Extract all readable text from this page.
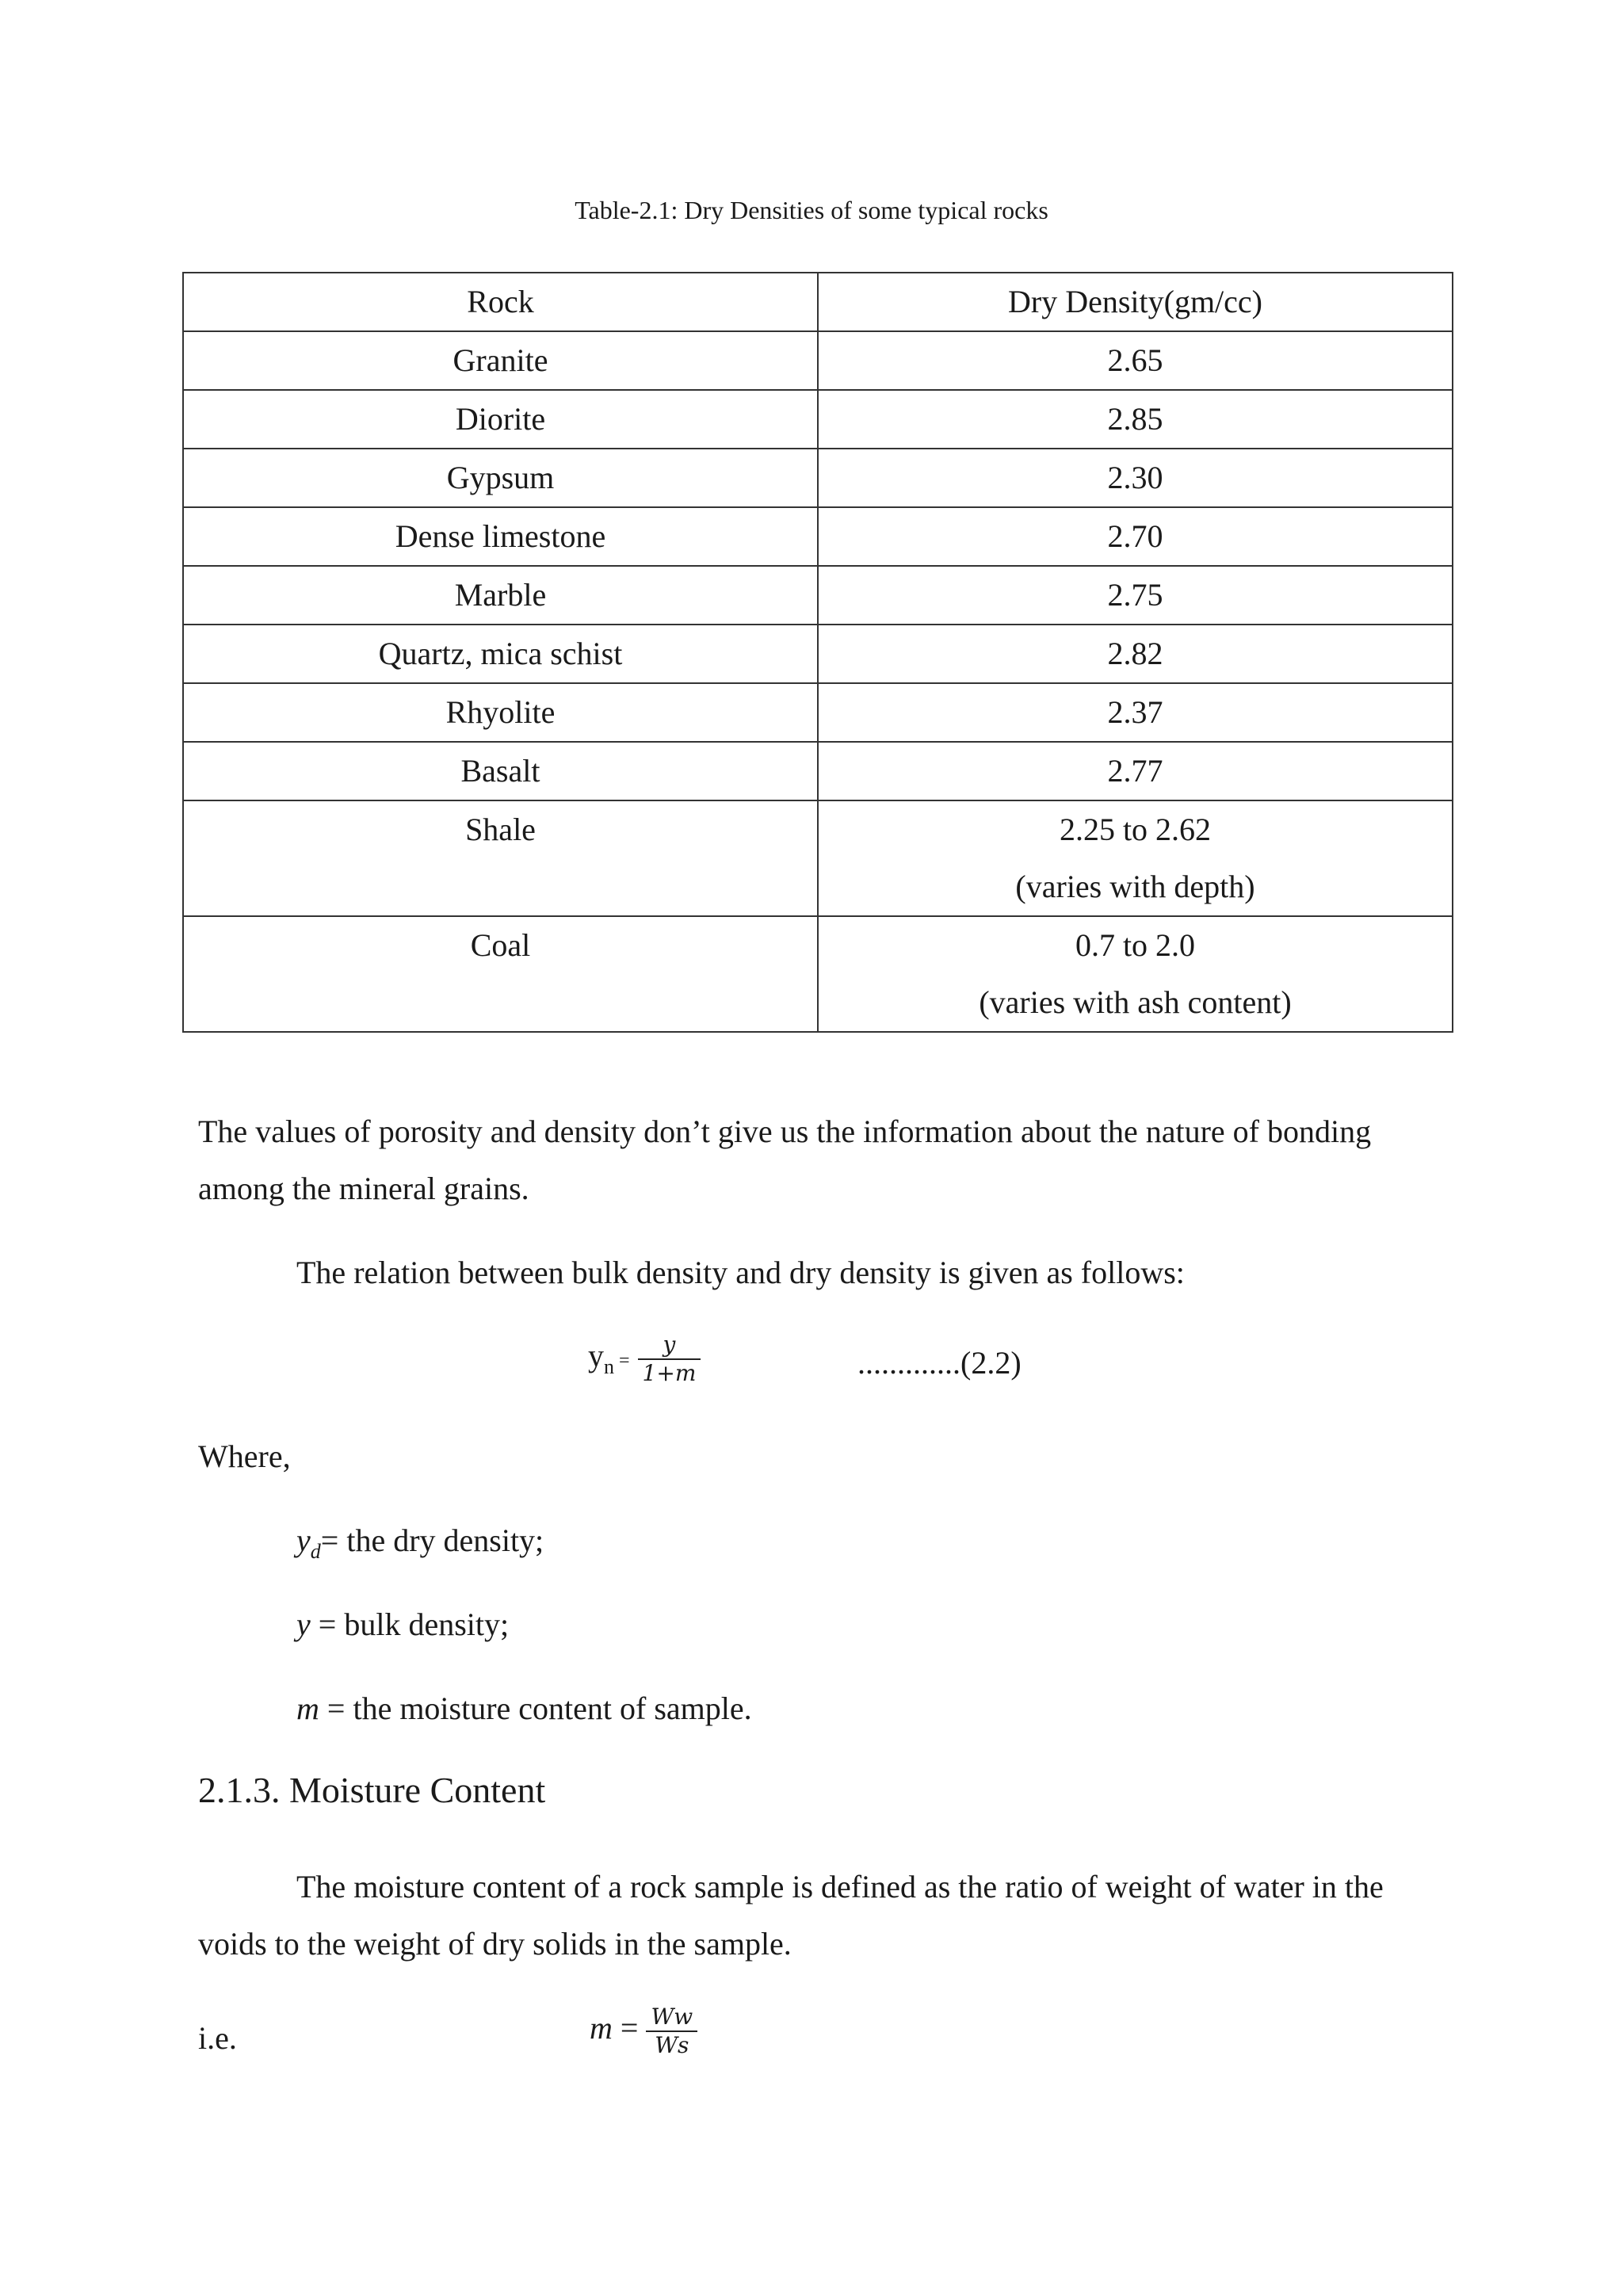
Table-2.1: Dry Densities of some typical rocks
Rock	Dry Density(gm/cc)

Granite	2.65

Diorite	2.85

Gypsum	2.30

Dense limestone	2.70

Marble	2.75

Quartz, mica schist	2.82

Rhyolite	2.37

Basalt	2.77

Shale	2.25 to 2.62
(varies with depth)

Coal	0.7 to 2.0
(varies with ash content)
The values of porosity and density don’t give us the information about the nature of bonding
among the mineral grains.
The relation between bulk density and dry density is given as follows:
$y_n = \frac{y}{1+m}$	.............(2.2)
Where,
$y_d=$ the dry density;
y = bulk density;
m = the moisture content of sample.
2.1.3. Moisture Content
The moisture content of a rock sample is defined as the ratio of weight of water in the
voids to the weight of dry solids in the sample.
i.e.	$m = \frac{Ww}{Ws}$
